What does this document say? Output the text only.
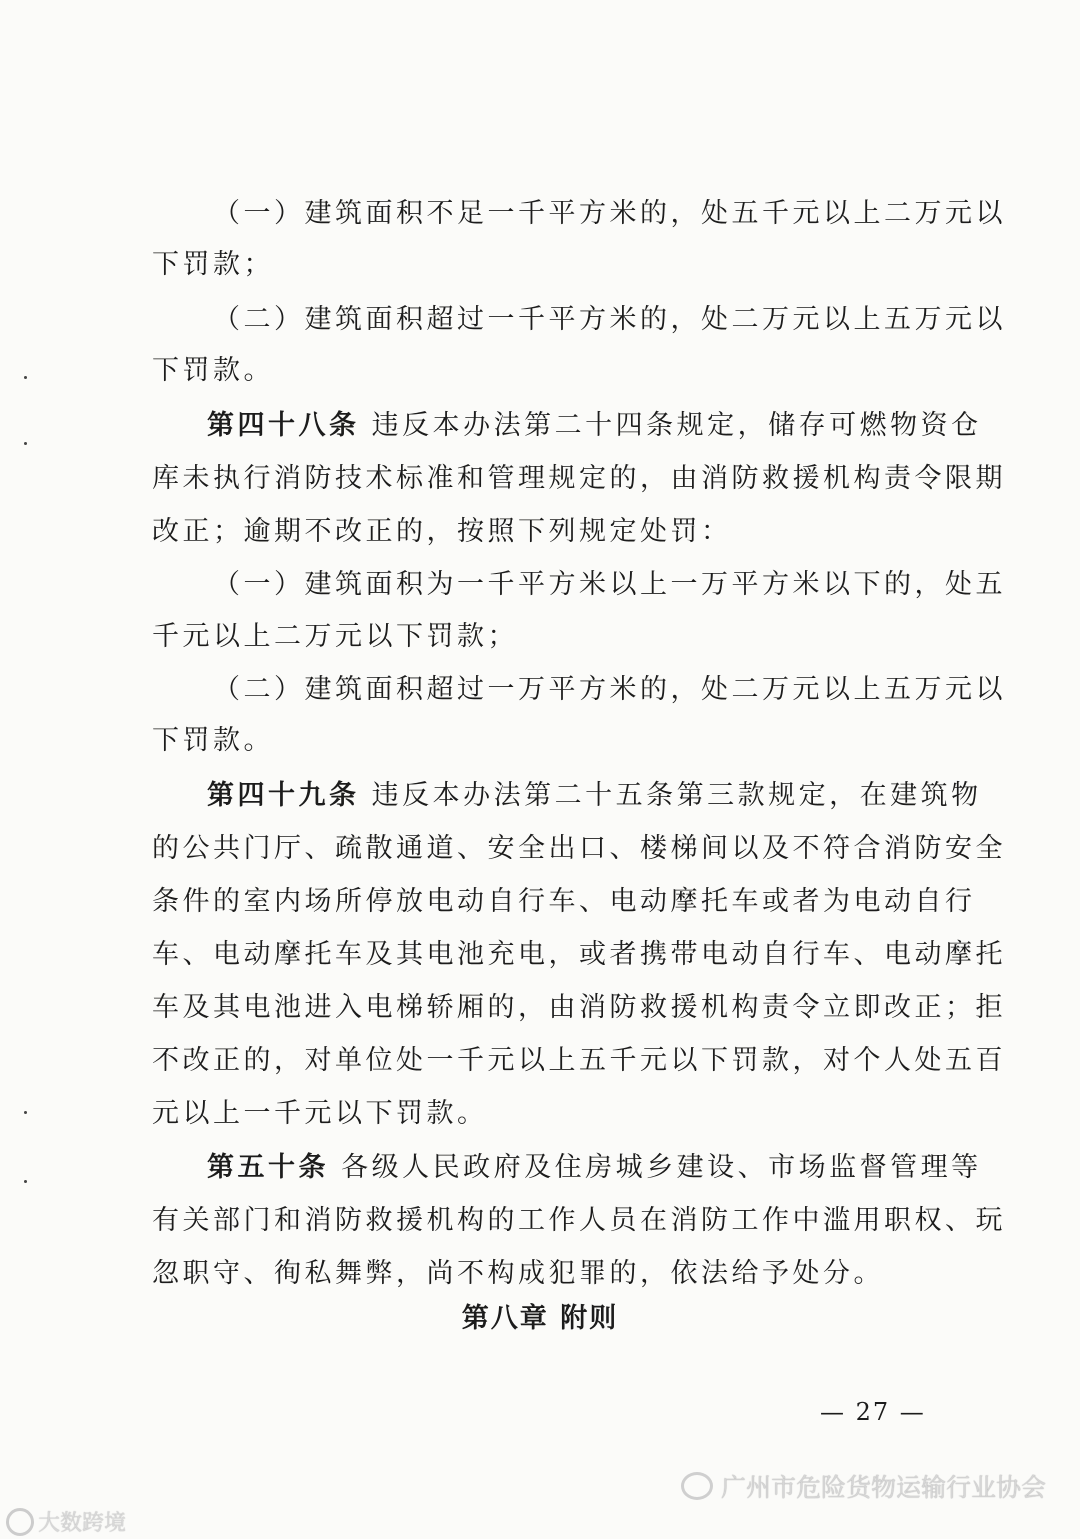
（一）建筑面积不足一千平方米的，处五千元以上二万元以
下罚款；
（二）建筑面积超过一千平方米的，处二万元以上五万元以
下罚款。
第四十八条 违反本办法第二十四条规定，储存可燃物资仓
库未执行消防技术标准和管理规定的，由消防救援机构责令限期
改正；逾期不改正的，按照下列规定处罚：
（一）建筑面积为一千平方米以上一万平方米以下的，处五
千元以上二万元以下罚款；
（二）建筑面积超过一万平方米的，处二万元以上五万元以
下罚款。
第四十九条 违反本办法第二十五条第三款规定，在建筑物
的公共门厅、疏散通道、安全出口、楼梯间以及不符合消防安全
条件的室内场所停放电动自行车、电动摩托车或者为电动自行
车、电动摩托车及其电池充电，或者携带电动自行车、电动摩托
车及其电池进入电梯轿厢的，由消防救援机构责令立即改正；拒
不改正的，对单位处一千元以上五千元以下罚款，对个人处五百
元以上一千元以下罚款。
第五十条 各级人民政府及住房城乡建设、市场监督管理等
有关部门和消防救援机构的工作人员在消防工作中滥用职权、玩
忽职守、徇私舞弊，尚不构成犯罪的，依法给予处分。
第八章 附则
— 27 —
大数跨境
广州市危险货物运输行业协会
